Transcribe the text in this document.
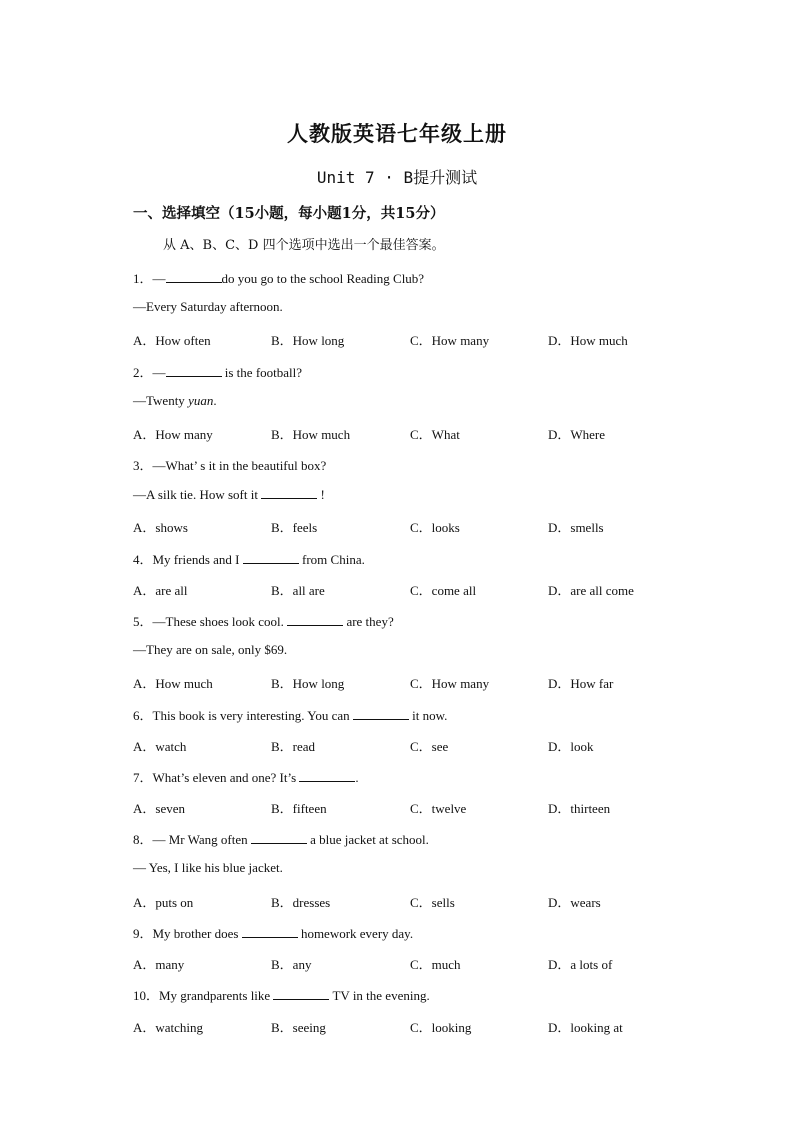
人教版英语七年级上册
Unit 7 · B提升测试
一、选择填空（15小题，每小题1分，共15分）
从 A、B、C、D 四个选项中选出一个最佳答案。
1．—	do you go to the school Reading Club?
—Every Saturday afternoon.
A．How often	B．How long	C．How many	D．How much
2．—	is the football?
—Twenty yuan.
A．How many	B．How much	C．What	D．Where
3．—What’ s it in the beautiful box?
—A silk tie. How soft it	!
A．shows	B．feels	C．looks	D．smells
4．My friends and I	from China.
A．are all	B．all are	C．come all	D．are all come
5．—These shoes look cool.	are they?
—They are on sale, only $69.
A．How much	B．How long	C．How many	D．How far
6．This book is very interesting. You can	it now.
A．watch	B．read	C．see	D．look
7．What’s eleven and one? It’s	.
A．seven	B．fifteen	C．twelve	D．thirteen
8．— Mr Wang often	a blue jacket at school.
— Yes, I like his blue jacket.
A．puts on	B．dresses	C．sells	D．wears
9．My brother does	homework every day.
A．many	B．any	C．much	D．a lots of
10．My grandparents like	TV in the evening.
A．watching	B．seeing	C．looking	D．looking at
